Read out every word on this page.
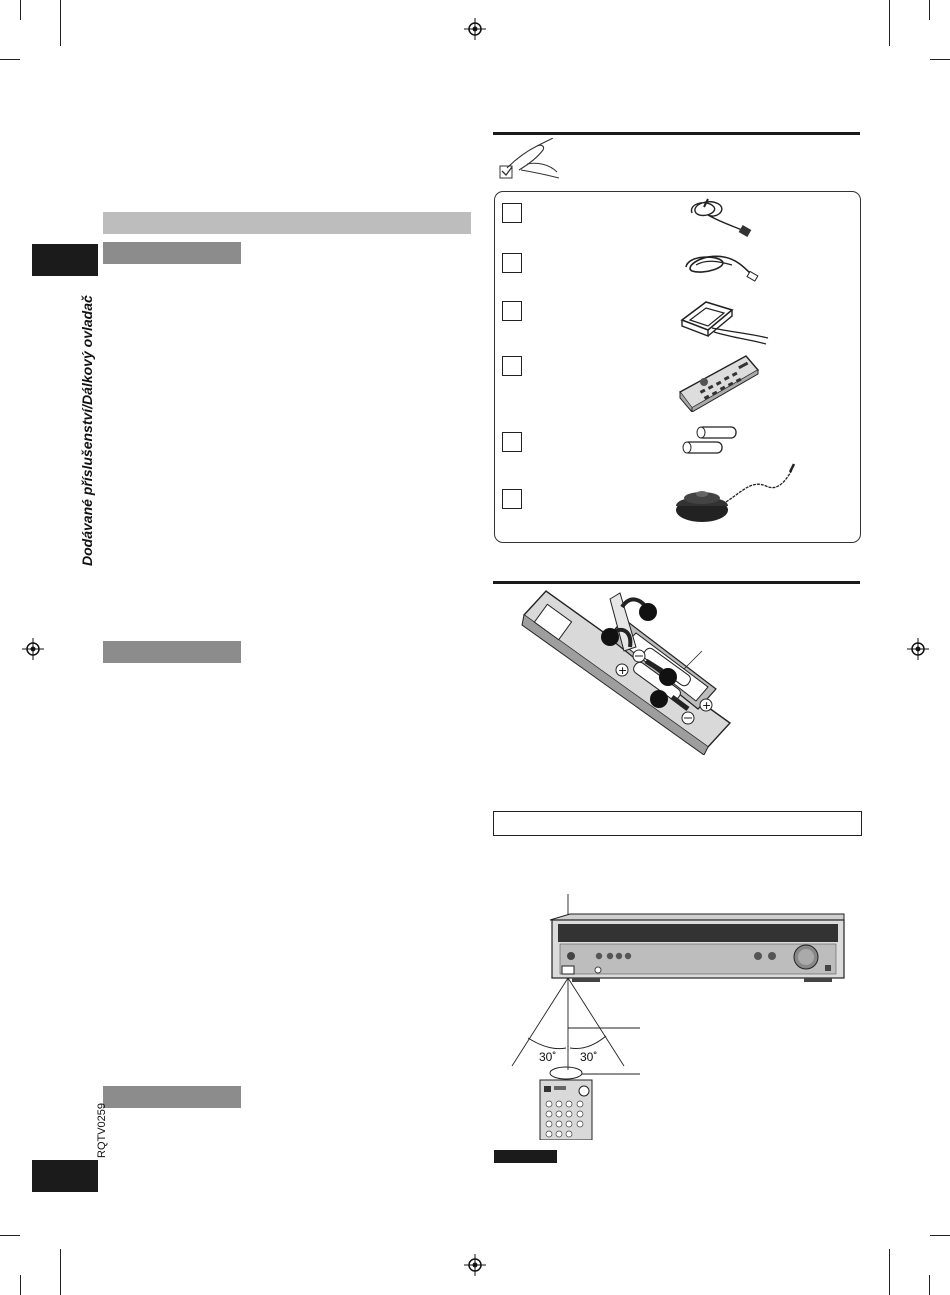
Dodávané příslušenství/Dálkový ovladač
RQTV0259
+
+
30˚ 30˚
